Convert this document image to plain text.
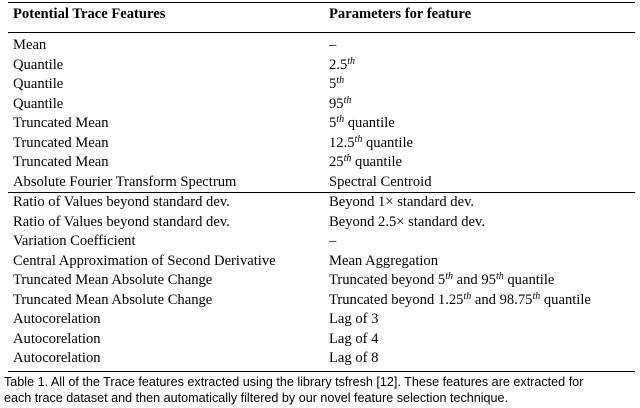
Potential Trace Features	Parameters for feature
Mean	–
Quantile	2.5th
Quantile	5th
Quantile	95th
Truncated Mean	5th quantile
Truncated Mean	12.5th quantile
Truncated Mean	25th quantile
Absolute Fourier Transform Spectrum	Spectral Centroid
Ratio of Values beyond standard dev.	Beyond 1× standard dev.
Ratio of Values beyond standard dev.	Beyond 2.5× standard dev.
Variation Coefficient	–
Central Approximation of Second Derivative	Mean Aggregation
Truncated Mean Absolute Change	Truncated beyond 5th and 95th quantile
Truncated Mean Absolute Change	Truncated beyond 1.25th and 98.75th quantile
Autocorelation	Lag of 3
Autocorelation	Lag of 4
Autocorelation	Lag of 8
Table 1. All of the Trace features extracted using the library tsfresh [12]. These features are extracted for
each trace dataset and then automatically filtered by our novel feature selection technique.
